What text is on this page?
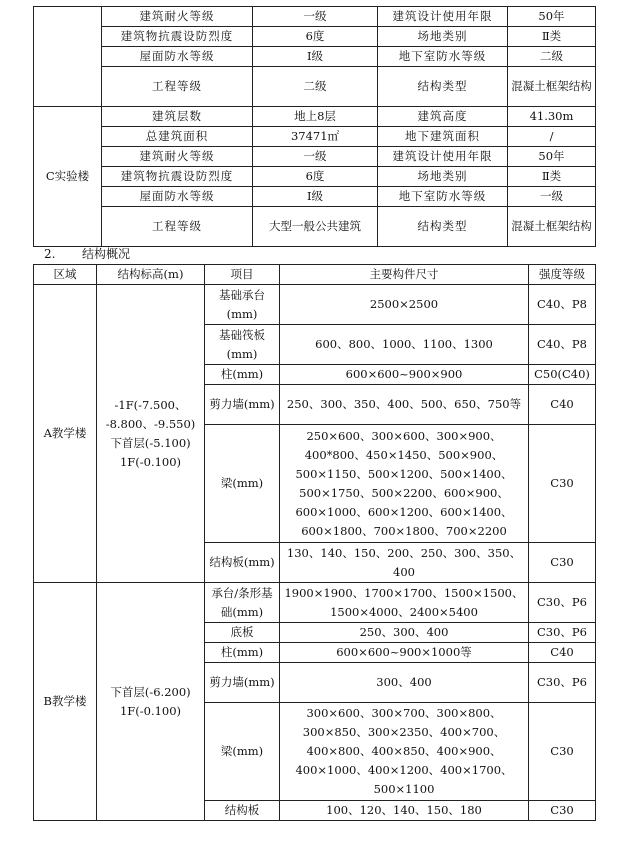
	建筑耐火等级	一级	建筑设计使用年限	50年
	建筑物抗震设防烈度	6度	场地类别	Ⅱ类
	屋面防水等级	Ⅰ级	地下室防水等级	二级
	工程等级	二级	结构类型	混凝土框架结构
C实验楼	建筑层数	地上8层	建筑高度	41.30m
	总建筑面积	37471㎡	地下建筑面积	/
	建筑耐火等级	一级	建筑设计使用年限	50年
	建筑物抗震设防烈度	6度	场地类别	Ⅱ类
	屋面防水等级	Ⅰ级	地下室防水等级	一级
	工程等级	大型一般公共建筑	结构类型	混凝土框架结构
2. 结构概况
区域	结构标高(m)	项目	主要构件尺寸	强度等级
A教学楼	-1F(-7.500、
-8.800、-9.550)
下首层(-5.100)
1F(-0.100)	基础承台(mm)	2500×2500	C40、P8
		基础筏板(mm)	600、800、1000、1100、1300	C40、P8
		柱(mm)	600×600~900×900	C50(C40)
		剪力墙(mm)	250、300、350、400、500、650、750等	C40
		梁(mm)	250×600、300×600、300×900、400*800、450×1450、500×900、500×1150、500×1200、500×1400、500×1750、500×2200、600×900、600×1000、600×1200、600×1400、600×1800、700×1800、700×2200	C30
		结构板(mm)	130、140、150、200、250、300、350、400	C30
B教学楼	下首层(-6.200)
1F(-0.100)	承台/条形基础(mm)	1900×1900、1700×1700、1500×1500、1500×4000、2400×5400	C30、P6
		底板	250、300、400	C30、P6
		柱(mm)	600×600~900×1000等	C40
		剪力墙(mm)	300、400	C30、P6
		梁(mm)	300×600、300×700、300×800、300×850、300×2350、400×700、400×800、400×850、400×900、400×1000、400×1200、400×1700、500×1100	C30
		结构板	100、120、140、150、180	C30
